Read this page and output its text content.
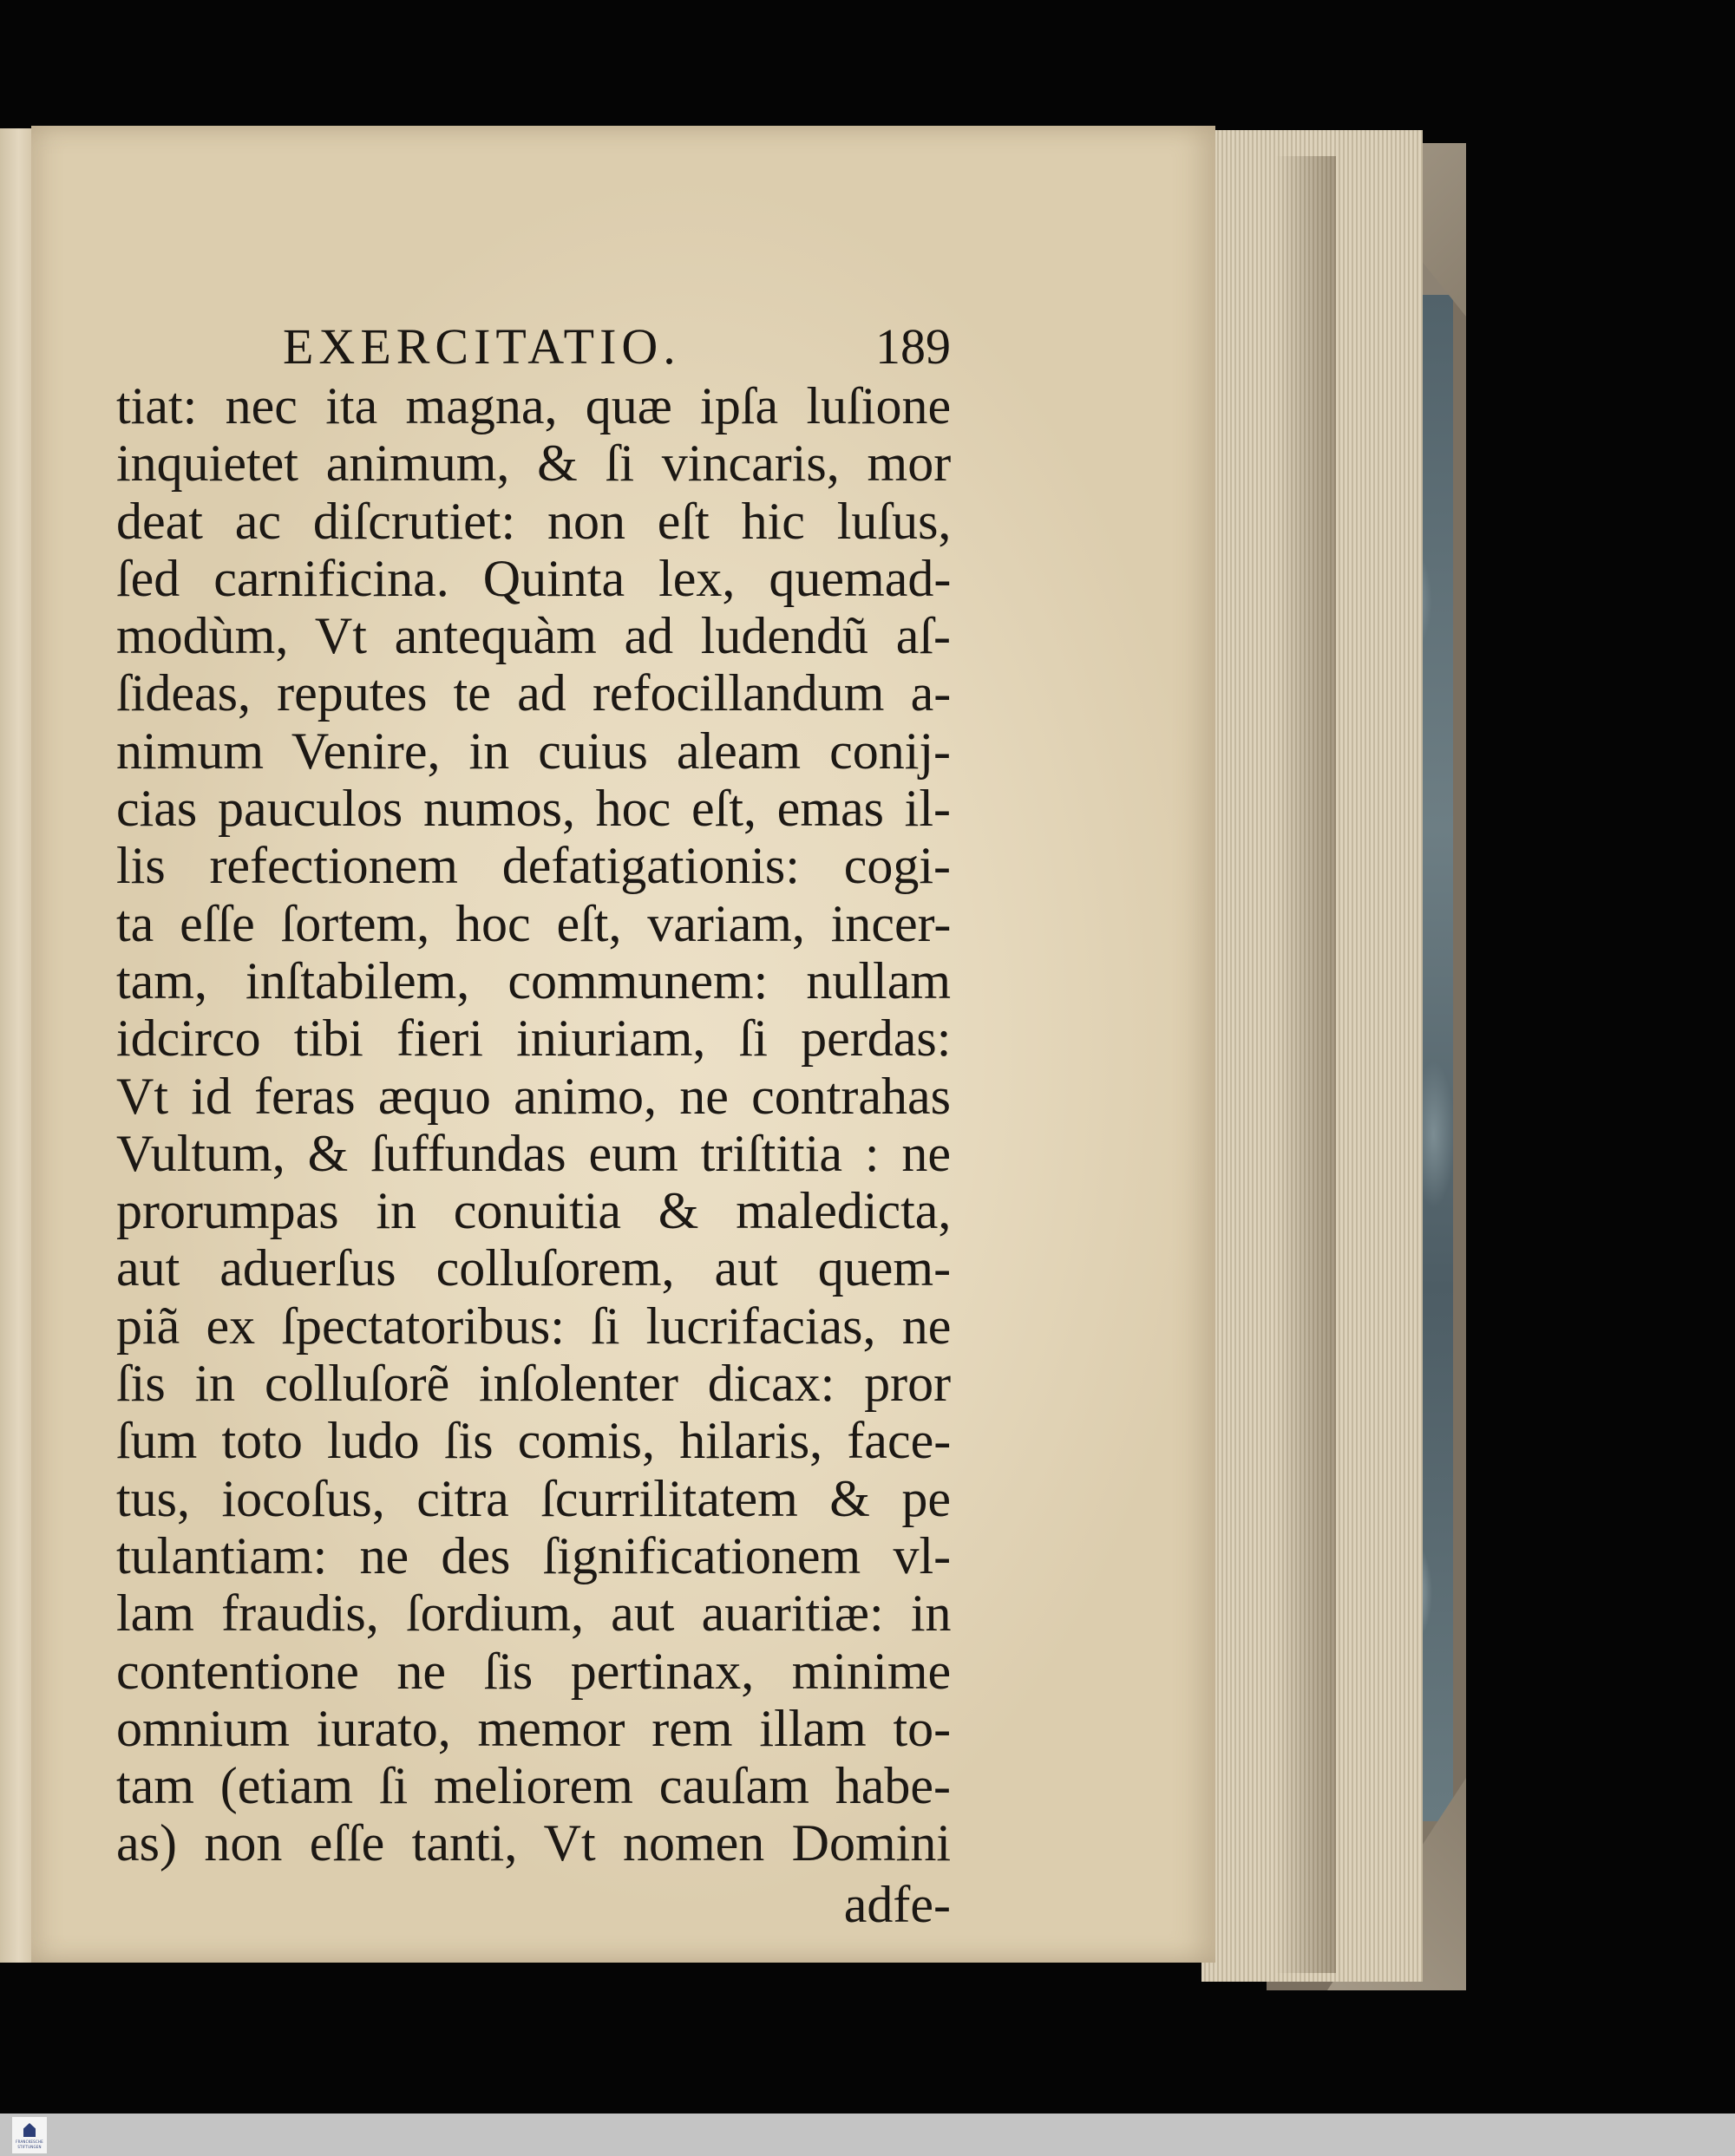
EXERCITATIO.	189
tiat: nec ita magna, quæ ipſa luſione
inquietet animum, & ſi vincaris, mor
deat ac diſcrutiet: non eſt hic luſus,
ſed carnificina. Quinta lex, quemad-
modùm, Vt antequàm ad ludendũ aſ-
ſideas, reputes te ad refocillandum a-
nimum Venire, in cuius aleam conij-
cias pauculos numos, hoc eſt, emas il-
lis refectionem defatigationis: cogi-
ta eſſe ſortem, hoc eſt, variam, incer-
tam, inſtabilem, communem: nullam
idcirco tibi fieri iniuriam, ſi perdas:
Vt id feras æquo animo, ne contrahas
Vultum, & ſuffundas eum triſtitia : ne
prorumpas in conuitia & maledicta,
aut aduerſus colluſorem, aut quem-
piã ex ſpectatoribus: ſi lucrifacias, ne
ſis in colluſorẽ inſolenter dicax: pror
ſum toto ludo ſis comis, hilaris, face-
tus, iocoſus, citra ſcurrilitatem & pe
tulantiam: ne des ſignificationem vl-
lam fraudis, ſordium, aut auaritiæ: in
contentione ne ſis pertinax, minime
omnium iurato, memor rem illam to-
tam (etiam ſi meliorem cauſam habe-
as) non eſſe tanti, Vt nomen Domini
adfe-
FRANCKESCHE
STIFTUNGEN
